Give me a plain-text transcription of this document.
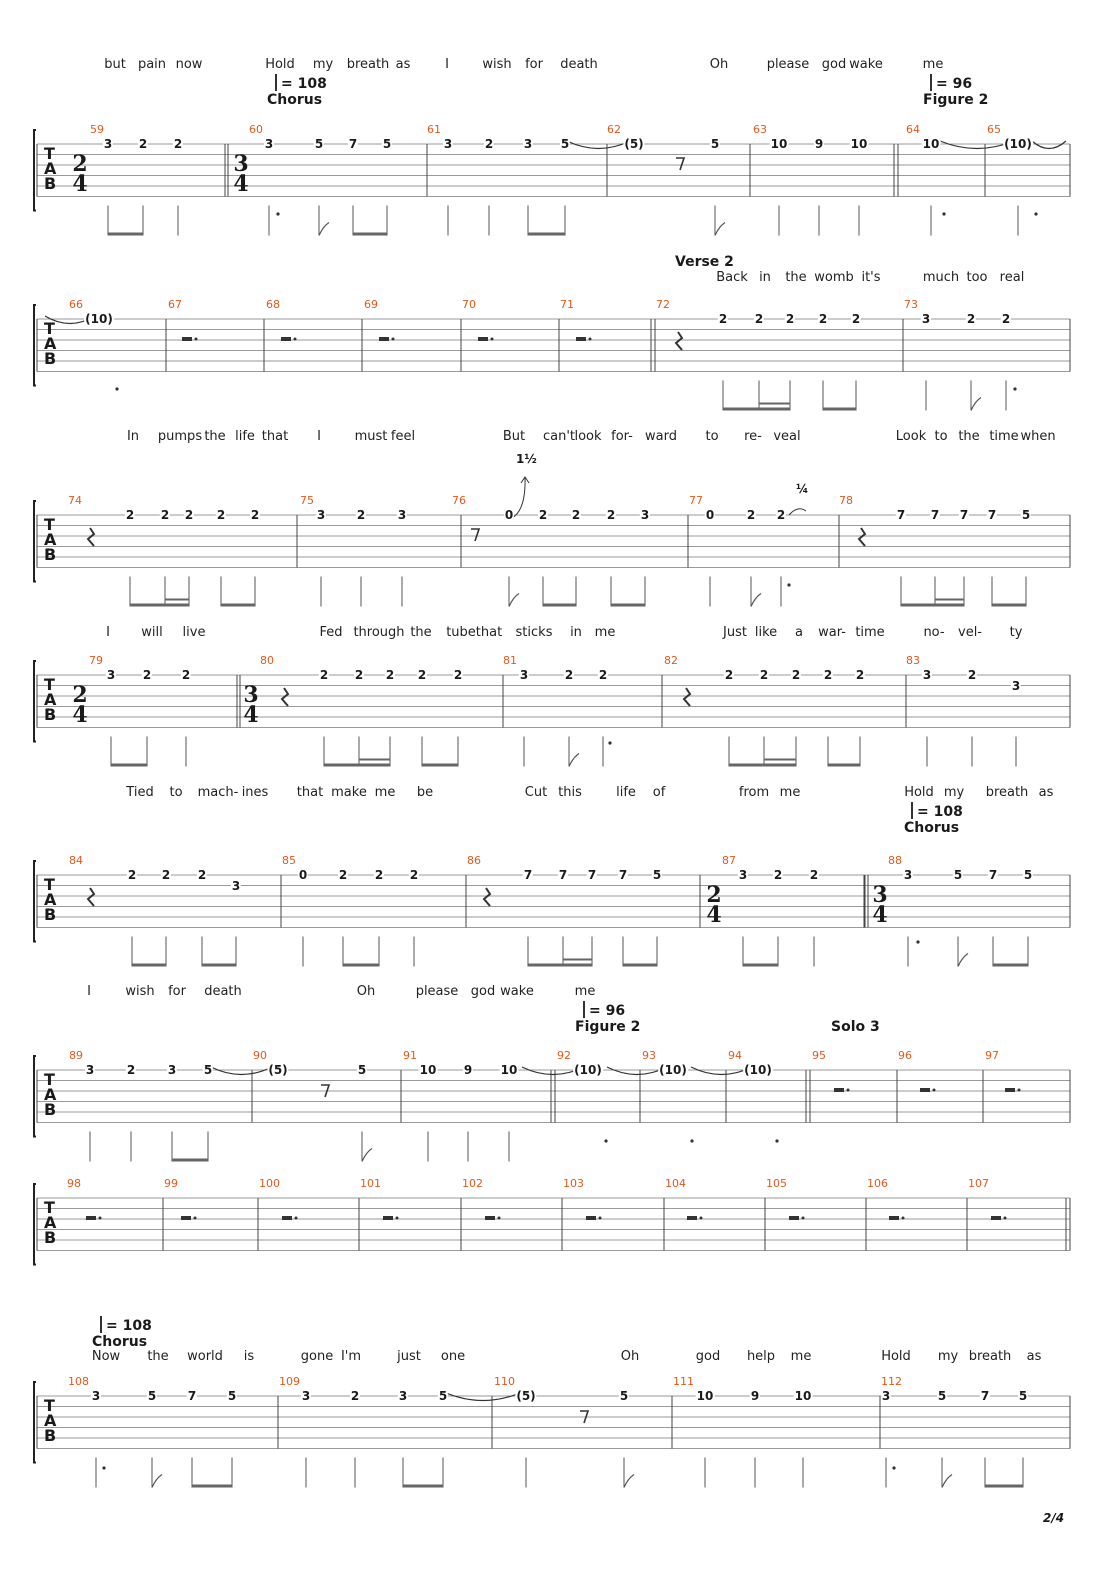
2/4
T
A
B
2
4
3
4
59	60	61	62	63	64	65
= 108	= 96
Chorus	Figure 2
but pain now	Hold my breath as	I	wish for death	Oh	please god wake	me
3 2 2	3	5 7 5	3	2	3 5	(5)	5	10 9 10	10	(10)
T
A
B
66	67	68	69	70	71	72	73
Verse 2
Back in the womb it's	much too real
(10)	2 2 2 2 2	3	2 2
T
A
B
74	75	76	77	78
In pumps the life that I	must feel	But can't look for- ward to re- veal	Look to the time when
1½
¼
2 2 2 2 2	3	2	3	0 2 2 2 3	0	2 2	7 7 7 7 5
T
A
B
2
4
3
4
79	80	81	82	83
I will live	Fed through the tube that sticks in me	Just like a war- time	no- vel- ty
3 2	2	2 2 2 2 2	3	2 2	2 2 2 2 2	3	2
3
T
A
B
2
4
3
4
84	85	86	87	88
= 108
Chorus
Tied to mach- ines that make me be	Cut this	life of	from me	Hold my breath as
2 2 2
3
0	2 2 2	7 7 7 7 5	3 2 2	3	5 7 5
T
A
B
89	90	91	92	93	94	95	96	97
= 96
Figure 2	Solo 3
I	wish for death	Oh	please god wake	me
3	2	3 5	(5)	5	10 9 10	(10)	(10)	(10)
T
A
B
98	99	100	101	102	103	104	105	106	107
T
A
B
108	109	110	111	112
= 108
Chorus
Now the world is	gone I'm	just one	Oh	god help me	Hold my breath as
3	5	7	5	3	2	3	5	(5)	5	10	9	10	3	5	7 5
